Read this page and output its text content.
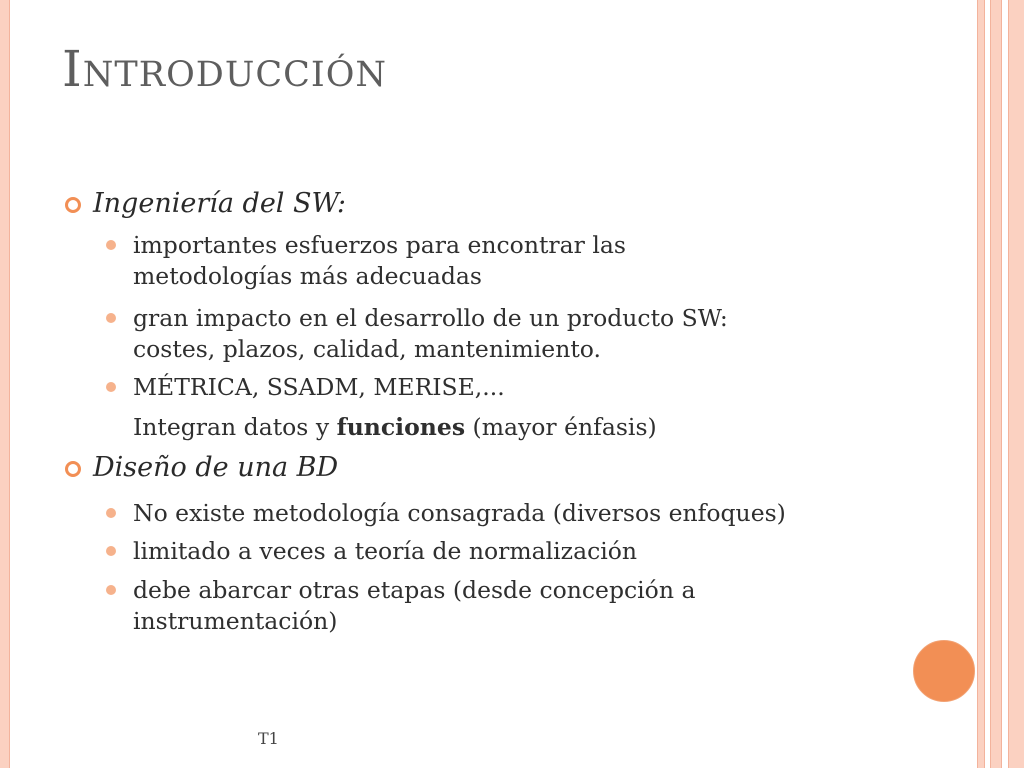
Introducción
Ingeniería del SW:
importantes esfuerzos para encontrar las
metodologías más adecuadas
gran impacto en el desarrollo de un producto SW:
costes, plazos, calidad, mantenimiento.
MÉTRICA, SSADM, MERISE,...
Integran datos y funciones (mayor énfasis)
Diseño de una BD
No existe metodología consagrada (diversos enfoques)
limitado a veces a teoría de normalización
debe abarcar otras etapas (desde concepción a
instrumentación)
T1
